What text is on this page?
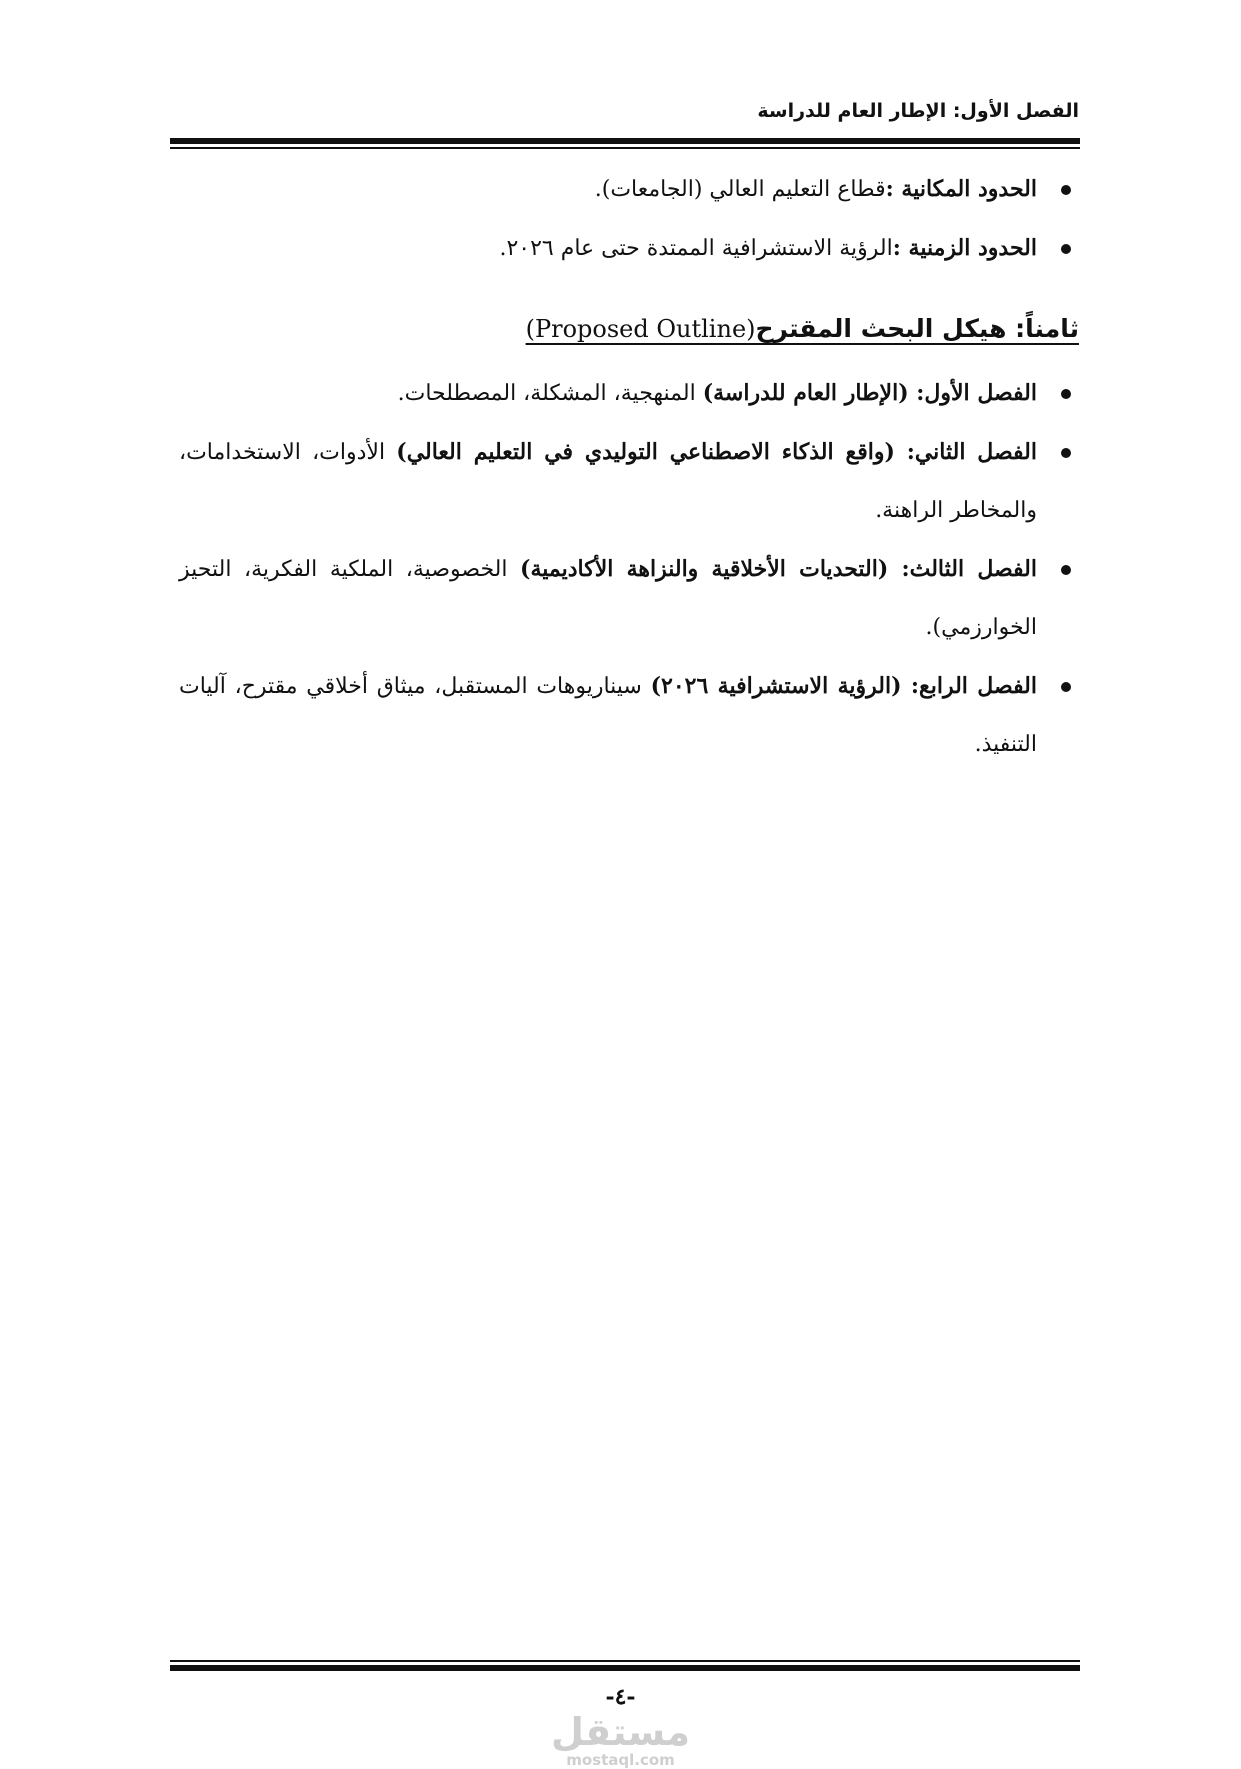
الفصل الأول: الإطار العام للدراسة
الحدود المكانية :قطاع التعليم العالي (الجامعات).
الحدود الزمنية :الرؤية الاستشرافية الممتدة حتى عام ٢٠٢٦.
ثامناً: هيكل البحث المقترح(Proposed Outline)
الفصل الأول: (الإطار العام للدراسة) المنهجية، المشكلة، المصطلحات.
الفصل الثاني: (واقع الذكاء الاصطناعي التوليدي في التعليم العالي) الأدوات، الاستخدامات، والمخاطر الراهنة.
الفصل الثالث: (التحديات الأخلاقية والنزاهة الأكاديمية) الخصوصية، الملكية الفكرية، التحيز الخوارزمي).
الفصل الرابع: (الرؤية الاستشرافية ٢٠٢٦) سيناريوهات المستقبل، ميثاق أخلاقي مقترح، آليات التنفيذ.
-٤-
مستقل
mostaql.com
